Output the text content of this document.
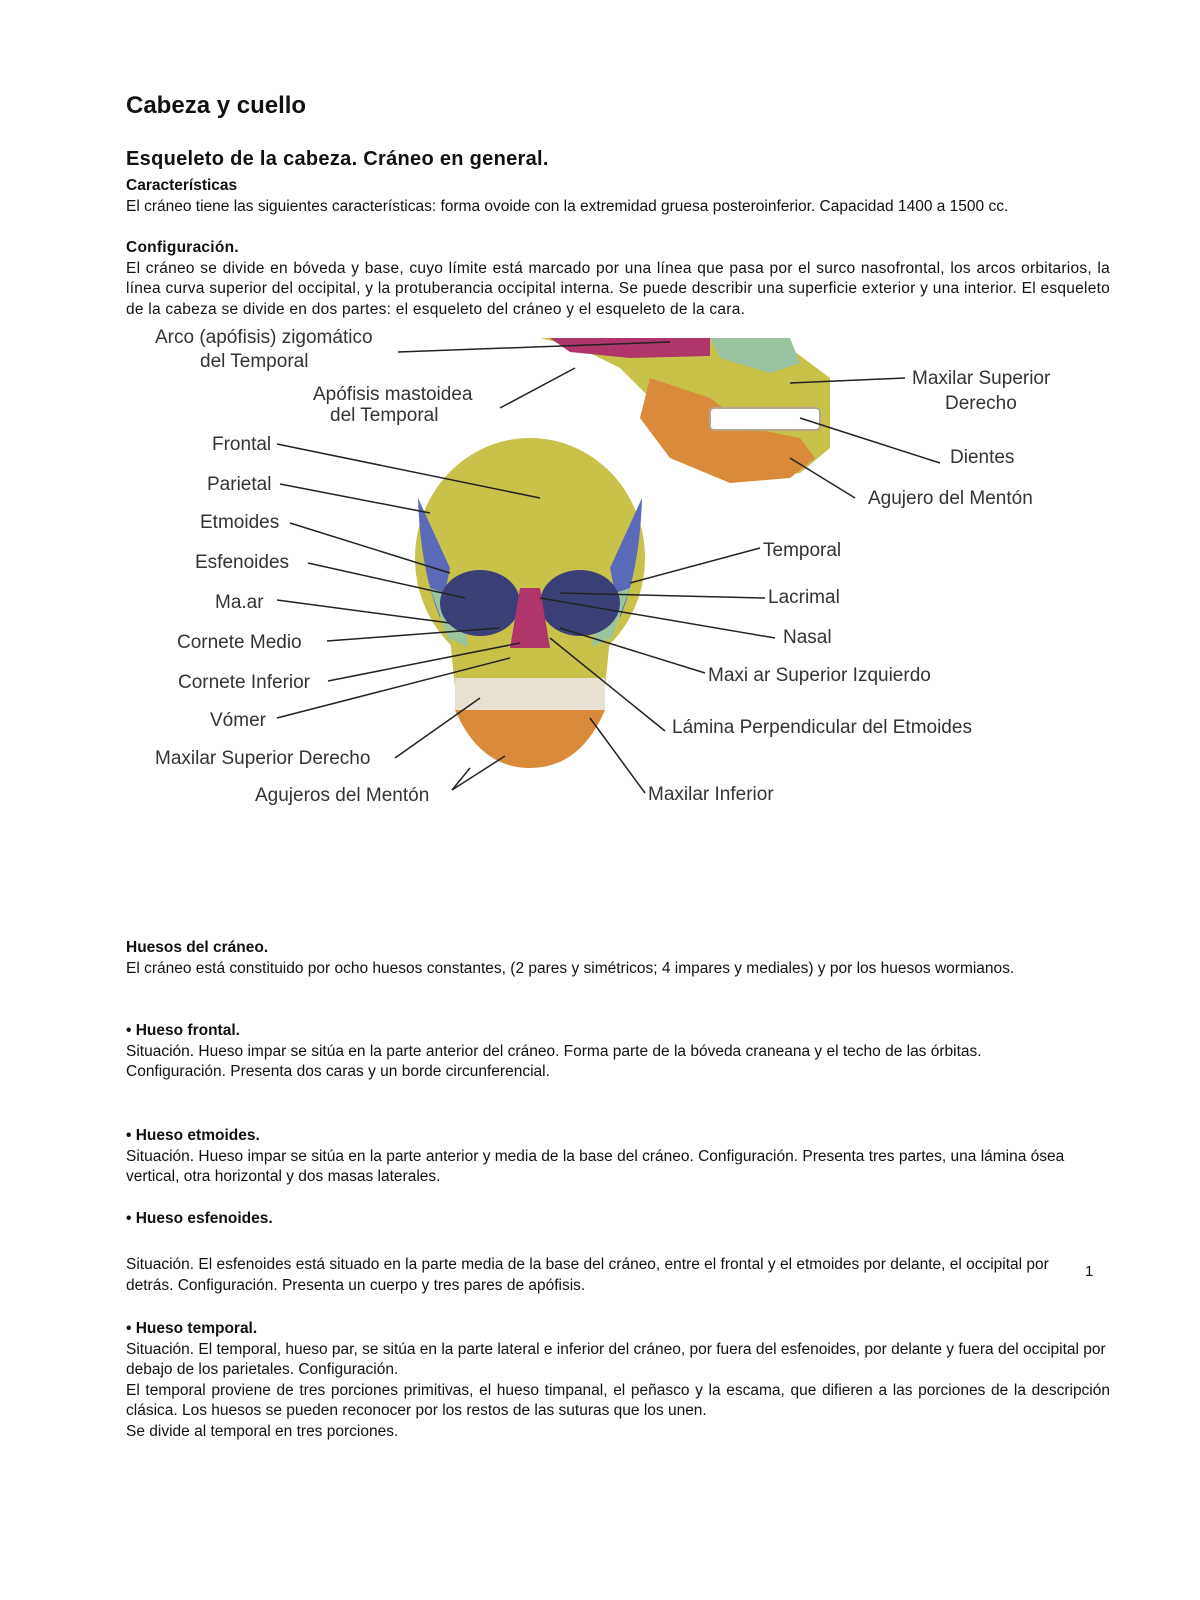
Cabeza y cuello
Esqueleto de la cabeza. Cráneo en general.
Características
El cráneo tiene las siguientes características: forma ovoide con la extremidad gruesa posteroinferior. Capacidad 1400 a 1500 cc.
Configuración.
El cráneo se divide en bóveda y base, cuyo límite está marcado por una línea que pasa por el surco nasofrontal, los arcos orbitarios, la línea curva superior del occipital, y la protuberancia occipital interna. Se puede describir una superficie exterior y una interior. El esqueleto de la cabeza se divide en dos partes: el esqueleto del cráneo y el esqueleto de la cara.
Arco (apófisis) zigomático
del Temporal
Apófisis mastoidea
del Temporal
Frontal
Parietal
Etmoides
Esfenoides
Ma.ar
Cornete Medio
Cornete Inferior
Vómer
Maxilar Superior Derecho
Agujeros del Mentón
Maxilar Superior
Derecho
Dientes
Agujero del Mentón
Temporal
Lacrimal
Nasal
Maxi ar Superior Izquierdo
Lámina Perpendicular del Etmoides
Maxilar Inferior
Huesos del cráneo.
El cráneo está constituido por ocho huesos constantes, (2 pares y simétricos; 4 impares y mediales) y por los huesos wormianos.
• Hueso frontal.
Situación. Hueso impar se sitúa en la parte anterior del cráneo. Forma parte de la bóveda craneana y el techo de las órbitas.
Configuración. Presenta dos caras y un borde circunferencial.
• Hueso etmoides.
Situación. Hueso impar se sitúa en la parte anterior y media de la base del cráneo. Configuración. Presenta tres partes, una lámina ósea vertical, otra horizontal y dos masas laterales.
• Hueso esfenoides.
1
Situación. El esfenoides está situado en la parte media de la base del cráneo, entre el frontal y el etmoides por delante, el occipital por detrás. Configuración. Presenta un cuerpo y tres pares de apófisis.
• Hueso temporal.
Situación. El temporal, hueso par, se sitúa en la parte lateral e inferior del cráneo, por fuera del esfenoides, por delante y fuera del occipital por debajo de los parietales. Configuración.
El temporal proviene de tres porciones primitivas, el hueso timpanal, el peñasco y la escama, que difieren a las porciones de la descripción clásica. Los huesos se pueden reconocer por los restos de las suturas que los unen.
Se divide al temporal en tres porciones.
